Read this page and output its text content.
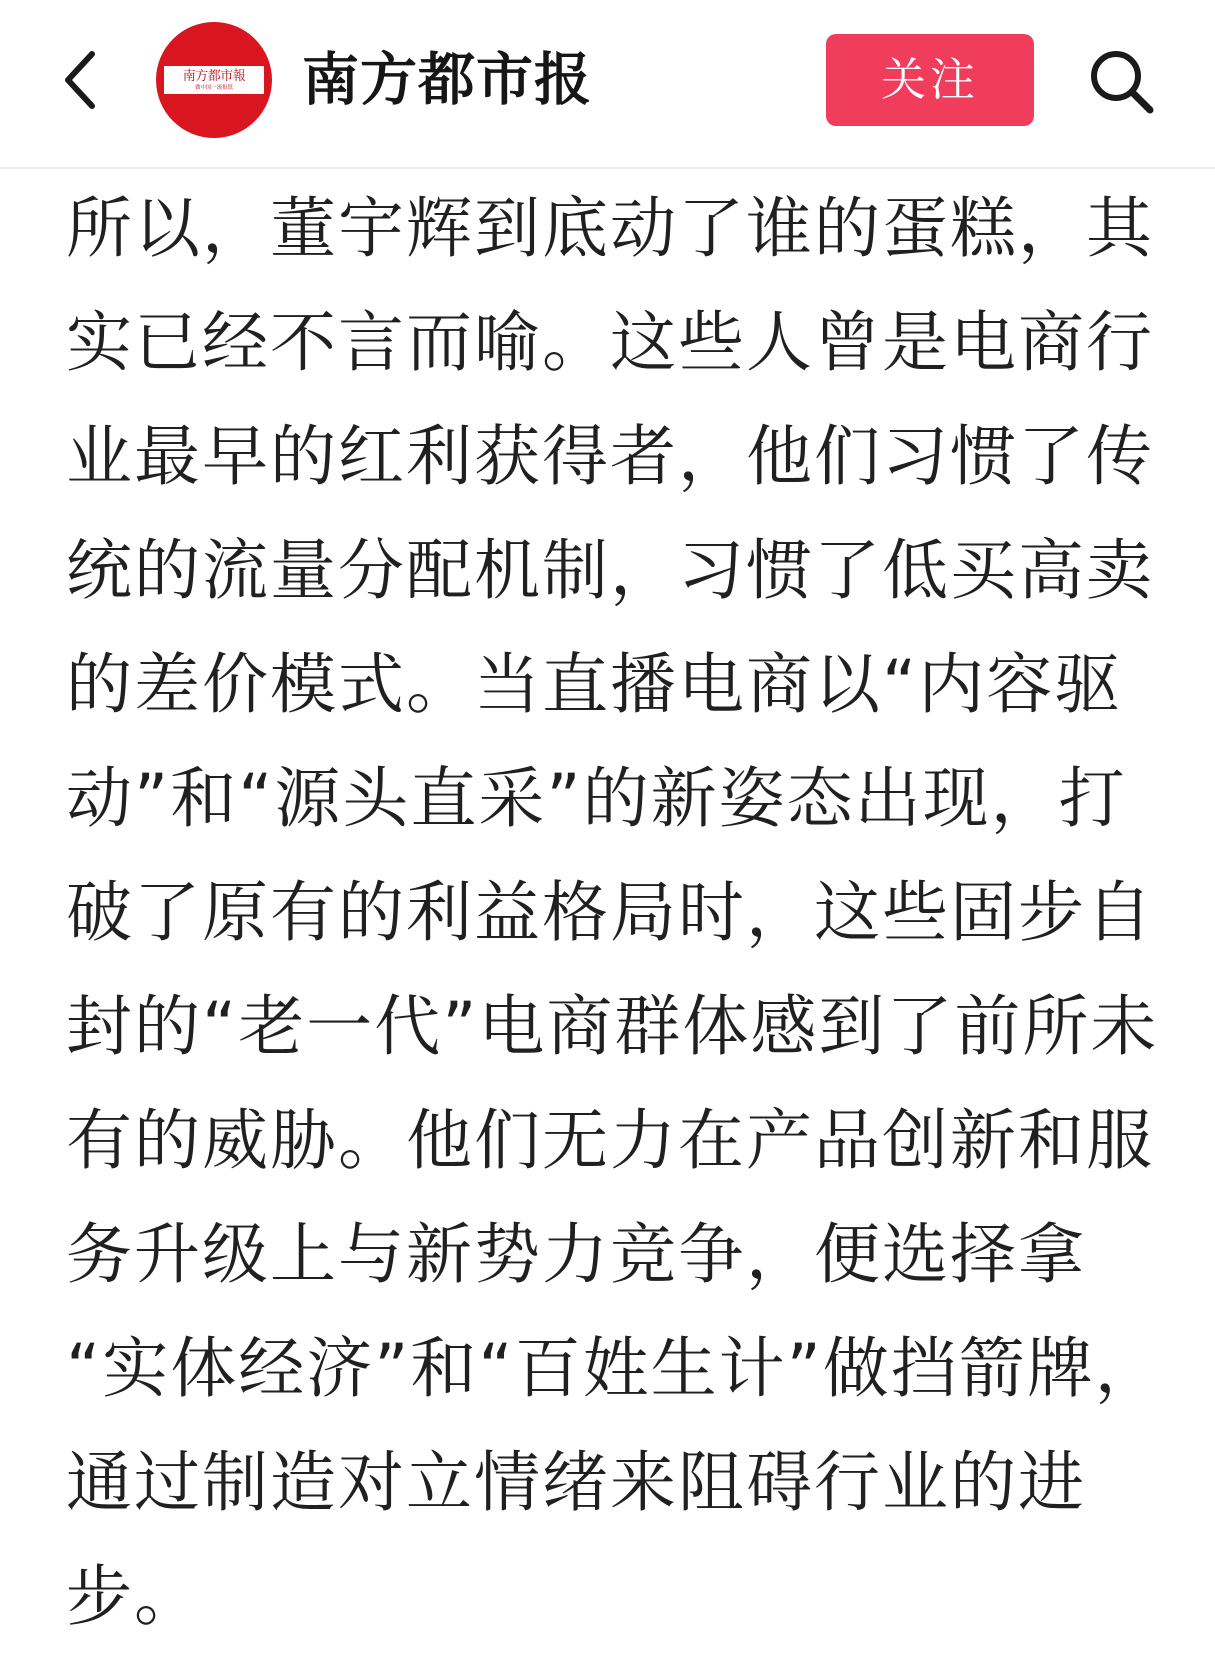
南方都市報
做中国一流报纸 南方都市报	关注
所以，董宇辉到底动了谁的蛋糕，其
实已经不言而喻。这些人曾是电商行
业最早的红利获得者，他们习惯了传
统的流量分配机制，习惯了低买高卖
的差价模式。当直播电商以“内容驱
动”和“源头直采”的新姿态出现，打
破了原有的利益格局时，这些固步自
封的“老一代”电商群体感到了前所未
有的威胁。他们无力在产品创新和服
务升级上与新势力竞争，便选择拿
“实体经济”和“百姓生计”做挡箭牌，
通过制造对立情绪来阻碍行业的进
步。
